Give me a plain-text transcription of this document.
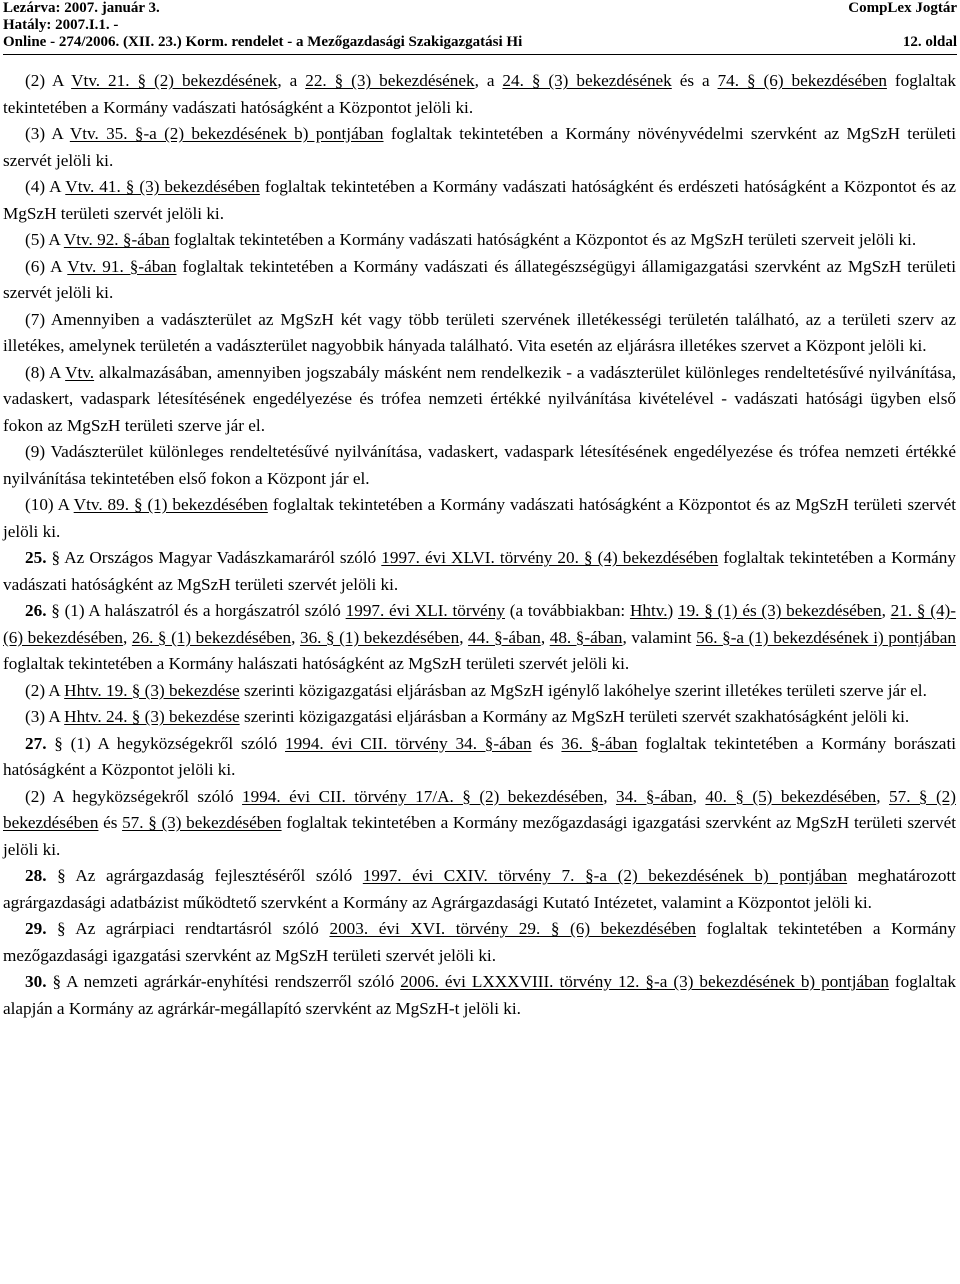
Lezárva: 2007. január 3.	CompLex Jogtár
Hatály: 2007.I.1. -
Online - 274/2006. (XII. 23.) Korm. rendelet - a Mezőgazdasági Szakigazgatási Hi	12. oldal

(2) A Vtv. 21. § (2) bekezdésének, a 22. § (3) bekezdésének, a 24. § (3) bekezdésének és a 74. § (6) bekezdésében foglaltak tekintetében a Kormány vadászati hatóságként a Központot jelöli ki.

(3) A Vtv. 35. §-a (2) bekezdésének b) pontjában foglaltak tekintetében a Kormány növényvédelmi szervként az MgSzH területi szervét jelöli ki.

(4) A Vtv. 41. § (3) bekezdésében foglaltak tekintetében a Kormány vadászati hatóságként és erdészeti hatóságként a Központot és az MgSzH területi szervét jelöli ki.

(5) A Vtv. 92. §-ában foglaltak tekintetében a Kormány vadászati hatóságként a Központot és az MgSzH területi szerveit jelöli ki.

(6) A Vtv. 91. §-ában foglaltak tekintetében a Kormány vadászati és állategészségügyi államigazgatási szervként az MgSzH területi szervét jelöli ki.

(7) Amennyiben a vadászterület az MgSzH két vagy több területi szervének illetékességi területén található, az a területi szerv az illetékes, amelynek területén a vadászterület nagyobbik hányada található. Vita esetén az eljárásra illetékes szervet a Központ jelöli ki.

(8) A Vtv. alkalmazásában, amennyiben jogszabály másként nem rendelkezik - a vadászterület különleges rendeltetésűvé nyilvánítása, vadaskert, vadaspark létesítésének engedélyezése és trófea nemzeti értékké nyilvánítása kivételével - vadászati hatósági ügyben első fokon az MgSzH területi szerve jár el.

(9) Vadászterület különleges rendeltetésűvé nyilvánítása, vadaskert, vadaspark létesítésének engedélyezése és trófea nemzeti értékké nyilvánítása tekintetében első fokon a Központ jár el.

(10) A Vtv. 89. § (1) bekezdésében foglaltak tekintetében a Kormány vadászati hatóságként a Központot és az MgSzH területi szervét jelöli ki.

25. § Az Országos Magyar Vadászkamaráról szóló 1997. évi XLVI. törvény 20. § (4) bekezdésében foglaltak tekintetében a Kormány vadászati hatóságként az MgSzH területi szervét jelöli ki.

26. § (1) A halászatról és a horgászatról szóló 1997. évi XLI. törvény (a továbbiakban: Hhtv.) 19. § (1) és (3) bekezdésében, 21. § (4)-(6) bekezdésében, 26. § (1) bekezdésében, 36. § (1) bekezdésében, 44. §-ában, 48. §-ában, valamint 56. §-a (1) bekezdésének i) pontjában foglaltak tekintetében a Kormány halászati hatóságként az MgSzH területi szervét jelöli ki.

(2) A Hhtv. 19. § (3) bekezdése szerinti közigazgatási eljárásban az MgSzH igénylő lakóhelye szerint illetékes területi szerve jár el.

(3) A Hhtv. 24. § (3) bekezdése szerinti közigazgatási eljárásban a Kormány az MgSzH területi szervét szakhatóságként jelöli ki.

27. § (1) A hegyközségekről szóló 1994. évi CII. törvény 34. §-ában és 36. §-ában foglaltak tekintetében a Kormány borászati hatóságként a Központot jelöli ki.

(2) A hegyközségekről szóló 1994. évi CII. törvény 17/A. § (2) bekezdésében, 34. §-ában, 40. § (5) bekezdésében, 57. § (2) bekezdésében és 57. § (3) bekezdésében foglaltak tekintetében a Kormány mezőgazdasági igazgatási szervként az MgSzH területi szervét jelöli ki.

28. § Az agrárgazdaság fejlesztéséről szóló 1997. évi CXIV. törvény 7. §-a (2) bekezdésének b) pontjában meghatározott agrárgazdasági adatbázist működtető szervként a Kormány az Agrárgazdasági Kutató Intézetet, valamint a Központot jelöli ki.

29. § Az agrárpiaci rendtartásról szóló 2003. évi XVI. törvény 29. § (6) bekezdésében foglaltak tekintetében a Kormány mezőgazdasági igazgatási szervként az MgSzH területi szervét jelöli ki.

30. § A nemzeti agrárkár-enyhítési rendszerről szóló 2006. évi LXXXVIII. törvény 12. §-a (3) bekezdésének b) pontjában foglaltak alapján a Kormány az agrárkár-megállapító szervként az MgSzH-t jelöli ki.
